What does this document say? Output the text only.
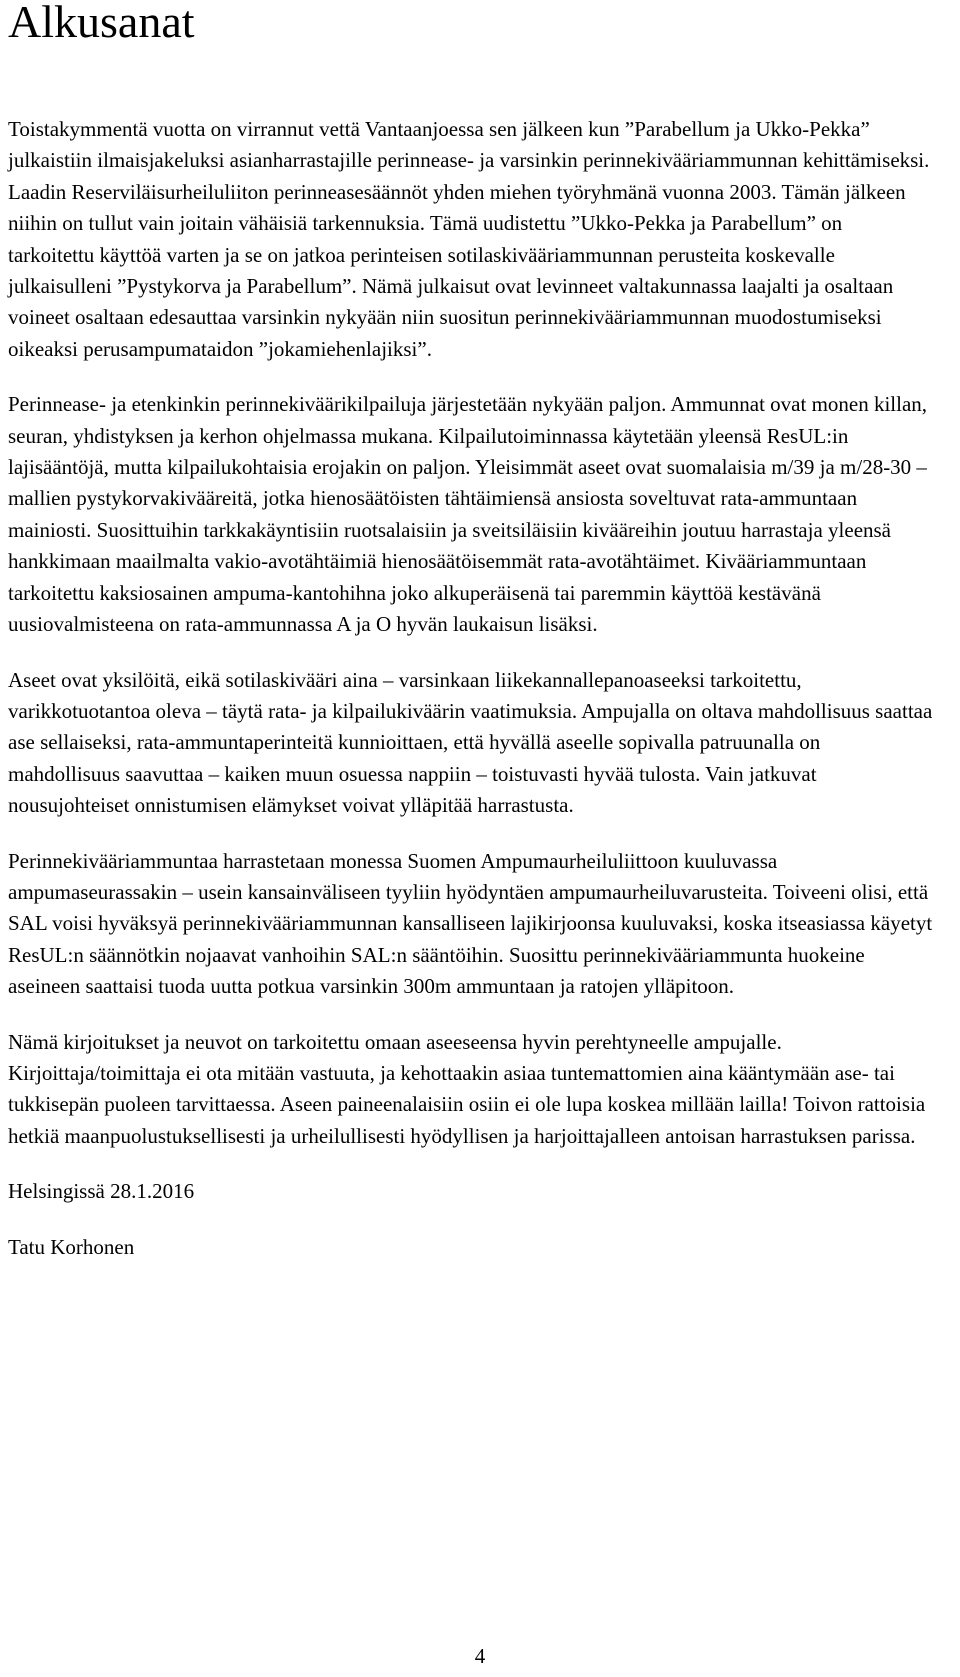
Alkusanat

Toistakymmentä vuotta on virrannut vettä Vantaanjoessa sen jälkeen kun ”Parabellum ja Ukko-Pekka” julkaistiin ilmaisjakeluksi asianharrastajille perinnease- ja varsinkin perinnekivääriammunnan kehittämiseksi. Laadin Reserviläisurheiluliiton perinneasesäännöt yhden miehen työryhmänä vuonna 2003. Tämän jälkeen niihin on tullut vain joitain vähäisiä tarkennuksia. Tämä uudistettu ”Ukko-Pekka ja Parabellum” on tarkoitettu käyttöä varten ja se on jatkoa perinteisen sotilaskivääriammunnan perusteita koskevalle julkaisulleni ”Pystykorva ja Parabellum”. Nämä julkaisut ovat levinneet valtakunnassa laajalti ja osaltaan voineet osaltaan edesauttaa varsinkin nykyään niin suositun perinnekivääriammunnan muodostumiseksi oikeaksi perusampumataidon ”jokamiehenlajiksi”.

Perinnease- ja etenkinkin perinnekiväärikilpailuja järjestetään nykyään paljon. Ammunnat ovat monen killan, seuran, yhdistyksen ja kerhon ohjelmassa mukana. Kilpailutoiminnassa käytetään yleensä ResUL:in lajisääntöjä, mutta kilpailukohtaisia erojakin on paljon. Yleisimmät aseet ovat suomalaisia m/39 ja m/28-30 –mallien pystykorvakivääreitä, jotka hienosäätöisten tähtäimiensä ansiosta soveltuvat rata-ammuntaan mainiosti. Suosittuihin tarkkakäyntisiin ruotsalaisiin ja sveitsiläisiin kivääreihin joutuu harrastaja yleensä hankkimaan maailmalta vakio-avotähtäimiä hienosäätöisemmät rata-avotähtäimet. Kivääriammuntaan tarkoitettu kaksiosainen ampuma-kantohihna joko alkuperäisenä tai paremmin käyttöä kestävänä uusiovalmisteena on rata-ammunnassa A ja O hyvän laukaisun lisäksi.

Aseet ovat yksilöitä, eikä sotilaskivääri aina – varsinkaan liikekannallepanoaseeksi tarkoitettu, varikkotuotantoa oleva – täytä rata- ja kilpailukiväärin vaatimuksia. Ampujalla on oltava mahdollisuus saattaa ase sellaiseksi, rata-ammuntaperinteitä kunnioittaen, että hyvällä aseelle sopivalla patruunalla on mahdollisuus saavuttaa – kaiken muun osuessa nappiin – toistuvasti hyvää tulosta. Vain jatkuvat nousujohteiset onnistumisen elämykset voivat ylläpitää harrastusta.

Perinnekivääriammuntaa harrastetaan monessa Suomen Ampumaurheiluliittoon kuuluvassa ampumaseurassakin – usein kansainväliseen tyyliin hyödyntäen ampumaurheiluvarusteita. Toiveeni olisi, että SAL voisi hyväksyä perinnekivääriammunnan kansalliseen lajikirjoonsa kuuluvaksi, koska itseasiassa käyetyt ResUL:n säännötkin nojaavat vanhoihin SAL:n sääntöihin. Suosittu perinnekivääriammunta huokeine aseineen saattaisi tuoda uutta potkua varsinkin 300m ammuntaan ja ratojen ylläpitoon.

Nämä kirjoitukset ja neuvot on tarkoitettu omaan aseeseensa hyvin perehtyneelle ampujalle. Kirjoittaja/toimittaja ei ota mitään vastuuta, ja kehottaakin asiaa tuntemattomien aina kääntymään ase- tai tukkisepän puoleen tarvittaessa. Aseen paineenalaisiin osiin ei ole lupa koskea millään lailla! Toivon rattoisia hetkiä maanpuolustuksellisesti ja urheilullisesti hyödyllisen ja harjoittajalleen antoisan harrastuksen parissa.

Helsingissä 28.1.2016

Tatu Korhonen

4
